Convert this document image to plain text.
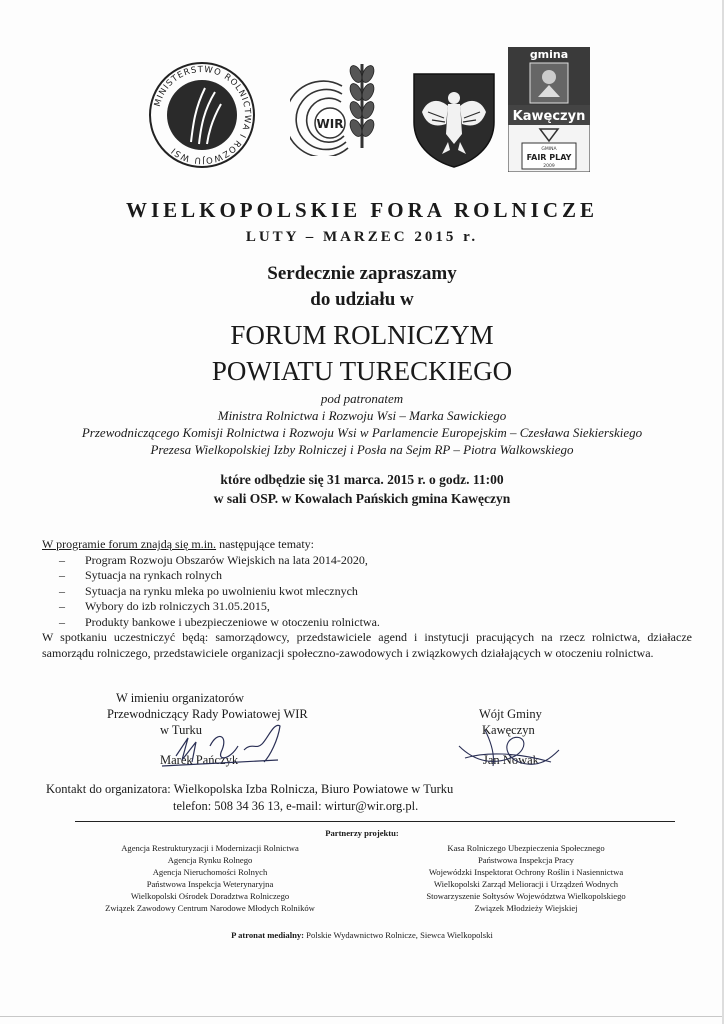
MINISTERSTWO ROLNICTWA I ROZWOJU WSI
WIR
gmina
Kawęczyn
GMINA
FAIR PLAY
2009
WIELKOPOLSKIE FORA ROLNICZE
LUTY – MARZEC 2015 r.
Serdecznie zapraszamy
do udziału w
FORUM ROLNICZYM
POWIATU TURECKIEGO
pod patronatem
Ministra Rolnictwa i Rozwoju Wsi – Marka Sawickiego
Przewodniczącego Komisji Rolnictwa i Rozwoju Wsi w Parlamencie Europejskim – Czesława Siekierskiego
Prezesa Wielkopolskiej Izby Rolniczej i Posła na Sejm RP – Piotra Walkowskiego
które odbędzie się 31 marca. 2015 r. o godz. 11:00
w sali OSP. w Kowalach Pańskich gmina Kawęczyn
W programie forum znajdą się m.in. następujące tematy:
– Program Rozwoju Obszarów Wiejskich na lata 2014-2020,
– Sytuacja na rynkach rolnych
– Sytuacja na rynku mleka po uwolnieniu kwot mlecznych
– Wybory do izb rolniczych 31.05.2015,
– Produkty bankowe i ubezpieczeniowe w otoczeniu rolnictwa.
W spotkaniu uczestniczyć będą: samorządowcy, przedstawiciele agend i instytucji pracujących na rzecz rolnictwa, działacze samorządu rolniczego, przedstawiciele organizacji społeczno-zawodowych i związkowych działających w otoczeniu rolnictwa.
W imieniu organizatorów
Przewodniczący Rady Powiatowej WIR
w Turku
Marek Pańczyk
Wójt Gminy
Kawęczyn
Jan Nowak
Kontakt do organizatora: Wielkopolska Izba Rolnicza, Biuro Powiatowe w Turku
telefon: 508 34 36 13, e-mail: wirtur@wir.org.pl.
Partnerzy projektu:
Agencja Restrukturyzacji i Modernizacji Rolnictwa
Agencja Rynku Rolnego
Agencja Nieruchomości Rolnych
Państwowa Inspekcja Weterynaryjna
Wielkopolski Ośrodek Doradztwa Rolniczego
Związek Zawodowy Centrum Narodowe Młodych Rolników
Kasa Rolniczego Ubezpieczenia Społecznego
Państwowa Inspekcja Pracy
Wojewódzki Inspektorat Ochrony Roślin i Nasiennictwa
Wielkopolski Zarząd Melioracji i Urządzeń Wodnych
Stowarzyszenie Sołtysów Województwa Wielkopolskiego
Związek Młodzieży Wiejskiej
P atronat medialny: Polskie Wydawnictwo Rolnicze, Siewca Wielkopolski
